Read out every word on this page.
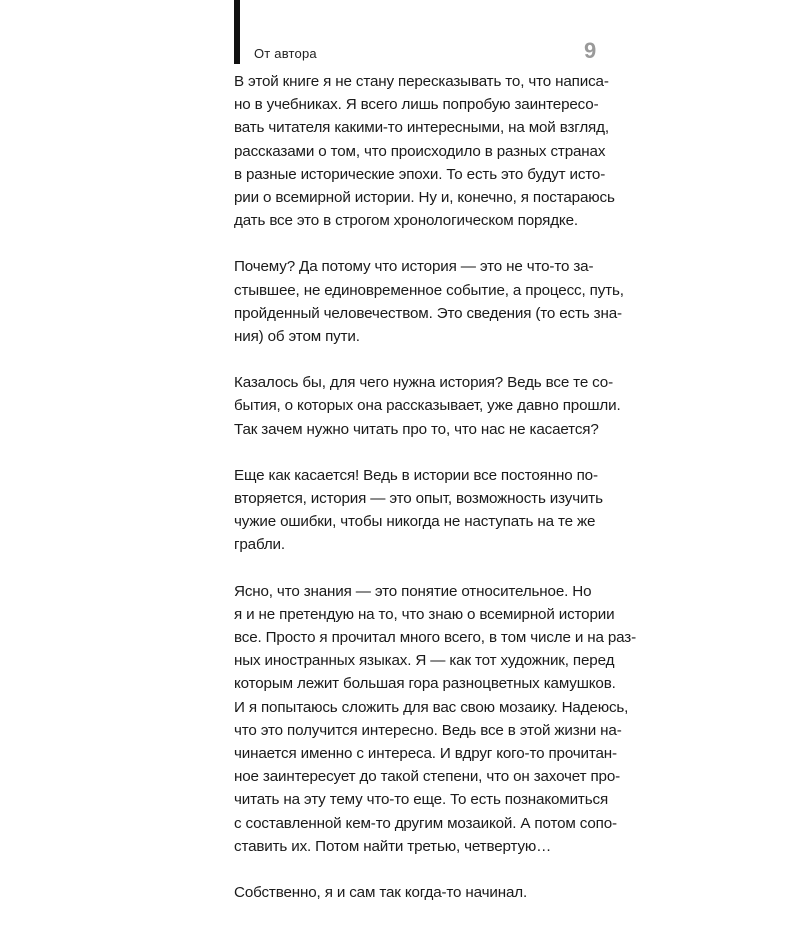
От автора	9
В этой книге я не стану пересказывать то, что написа-
но в учебниках. Я всего лишь попробую заинтересо-
вать читателя какими-то интересными, на мой взгляд,
рассказами о том, что происходило в разных странах
в разные исторические эпохи. То есть это будут исто-
рии о всемирной истории. Ну и, конечно, я постараюсь
дать все это в строгом хронологическом порядке.
Почему? Да потому что история — это не что-то за-
стывшее, не единовременное событие, а процесс, путь,
пройденный человечеством. Это сведения (то есть зна-
ния) об этом пути.
Казалось бы, для чего нужна история? Ведь все те со-
бытия, о которых она рассказывает, уже давно прошли.
Так зачем нужно читать про то, что нас не касается?
Еще как касается! Ведь в истории все постоянно по-
вторяется, история — это опыт, возможность изучить
чужие ошибки, чтобы никогда не наступать на те же
грабли.
Ясно, что знания — это понятие относительное. Но
я и не претендую на то, что знаю о всемирной истории
все. Просто я прочитал много всего, в том числе и на раз-
ных иностранных языках. Я — как тот художник, перед
которым лежит большая гора разноцветных камушков.
И я попытаюсь сложить для вас свою мозаику. Надеюсь,
что это получится интересно. Ведь все в этой жизни на-
чинается именно с интереса. И вдруг кого-то прочитан-
ное заинтересует до такой степени, что он захочет про-
читать на эту тему что-то еще. То есть познакомиться
с составленной кем-то другим мозаикой. А потом сопо-
ставить их. Потом найти третью, четвертую…
Собственно, я и сам так когда-то начинал.
